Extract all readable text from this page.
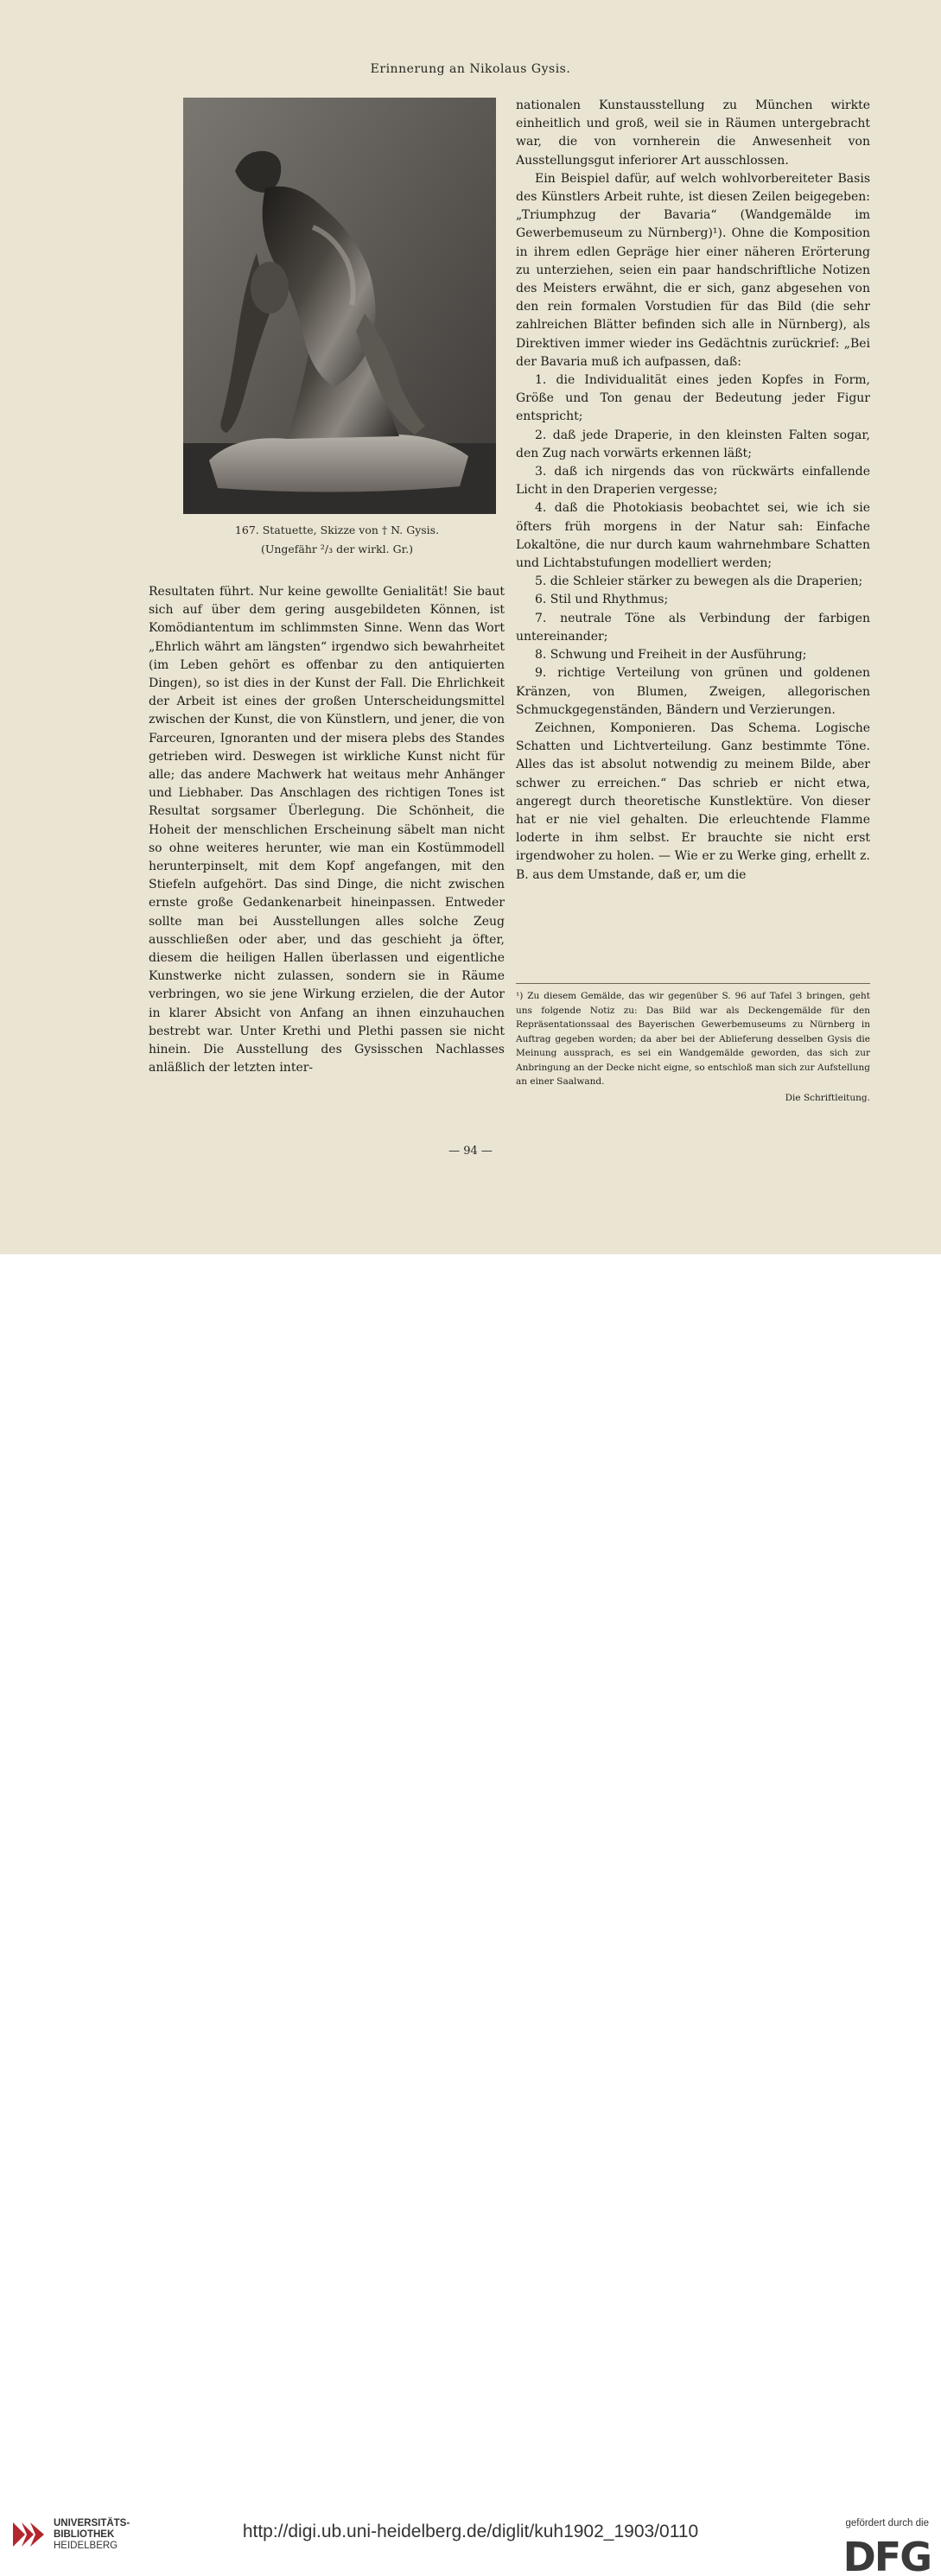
Erinnerung an Nikolaus Gysis.
167. Statuette, Skizze von † N. Gysis.
(Ungefähr ²/₃ der wirkl. Gr.)

Resultaten führt. Nur keine gewollte Genialität! Sie baut sich auf über dem gering ausgebildeten Können, ist Komödiantentum im schlimmsten Sinne. Wenn das Wort „Ehrlich währt am längsten“ irgendwo sich bewahrheitet (im Leben gehört es offenbar zu den antiquierten Dingen), so ist dies in der Kunst der Fall. Die Ehrlichkeit der Arbeit ist eines der großen Unterscheidungsmittel zwischen der Kunst, die von Künstlern, und jener, die von Farceuren, Ignoranten und der misera plebs des Standes getrieben wird. Deswegen ist wirkliche Kunst nicht für alle; das andere Machwerk hat weitaus mehr Anhänger und Liebhaber. Das Anschlagen des richtigen Tones ist Resultat sorgsamer Überlegung. Die Schönheit, die Hoheit der menschlichen Erscheinung säbelt man nicht so ohne weiteres herunter, wie man ein Kostümmodell herunterpinselt, mit dem Kopf angefangen, mit den Stiefeln aufgehört. Das sind Dinge, die nicht zwischen ernste große Gedankenarbeit hineinpassen. Entweder sollte man bei Ausstellungen alles solche Zeug ausschließen oder aber, und das geschieht ja öfter, diesem die heiligen Hallen überlassen und eigentliche Kunstwerke nicht zulassen, sondern sie in Räume verbringen, wo sie jene Wirkung erzielen, die der Autor in klarer Absicht von Anfang an ihnen einzuhauchen bestrebt war. Unter Krethi und Plethi passen sie nicht hinein. Die Ausstellung des Gysisschen Nachlasses anläßlich der letzten inter-

nationalen Kunstausstellung zu München wirkte einheitlich und groß, weil sie in Räumen untergebracht war, die von vornherein die Anwesenheit von Ausstellungsgut inferiorer Art ausschlossen.

Ein Beispiel dafür, auf welch wohlvorbereiteter Basis des Künstlers Arbeit ruhte, ist diesen Zeilen beigegeben: „Triumphzug der Bavaria“ (Wandgemälde im Gewerbemuseum zu Nürnberg)¹). Ohne die Komposition in ihrem edlen Gepräge hier einer näheren Erörterung zu unterziehen, seien ein paar handschriftliche Notizen des Meisters erwähnt, die er sich, ganz abgesehen von den rein formalen Vorstudien für das Bild (die sehr zahlreichen Blätter befinden sich alle in Nürnberg), als Direktiven immer wieder ins Gedächtnis zurückrief: „Bei der Bavaria muß ich aufpassen, daß:

1. die Individualität eines jeden Kopfes in Form, Größe und Ton genau der Bedeutung jeder Figur entspricht;

2. daß jede Draperie, in den kleinsten Falten sogar, den Zug nach vorwärts erkennen läßt;

3. daß ich nirgends das von rückwärts einfallende Licht in den Draperien vergesse;

4. daß die Photokiasis beobachtet sei, wie ich sie öfters früh morgens in der Natur sah: Einfache Lokaltöne, die nur durch kaum wahrnehmbare Schatten und Lichtabstufungen modelliert werden;

5. die Schleier stärker zu bewegen als die Draperien;

6. Stil und Rhythmus;

7. neutrale Töne als Verbindung der farbigen untereinander;

8. Schwung und Freiheit in der Ausführung;

9. richtige Verteilung von grünen und goldenen Kränzen, von Blumen, Zweigen, allegorischen Schmuckgegenständen, Bändern und Verzierungen.

Zeichnen, Komponieren. Das Schema. Logische Schatten und Lichtverteilung. Ganz bestimmte Töne. Alles das ist absolut notwendig zu meinem Bilde, aber schwer zu erreichen.“ Das schrieb er nicht etwa, angeregt durch theoretische Kunstlektüre. Von dieser hat er nie viel gehalten. Die erleuchtende Flamme loderte in ihm selbst. Er brauchte sie nicht erst irgendwoher zu holen. — Wie er zu Werke ging, erhellt z. B. aus dem Umstande, daß er, um die

¹) Zu diesem Gemälde, das wir gegenüber S. 96 auf Tafel 3 bringen, geht uns folgende Notiz zu: Das Bild war als Deckengemälde für den Repräsentationssaal des Bayerischen Gewerbemuseums zu Nürnberg in Auftrag gegeben worden; da aber bei der Ablieferung desselben Gysis die Meinung aussprach, es sei ein Wandgemälde geworden, das sich zur Anbringung an der Decke nicht eigne, so entschloß man sich zur Aufstellung an einer Saalwand.
Die Schriftleitung.
— 94 —
UNIVERSITÄTS-
BIBLIOTHEK
HEIDELBERG
http://digi.ub.uni-heidelberg.de/diglit/kuh1902_1903/0110	gefördert durch die
DFG
